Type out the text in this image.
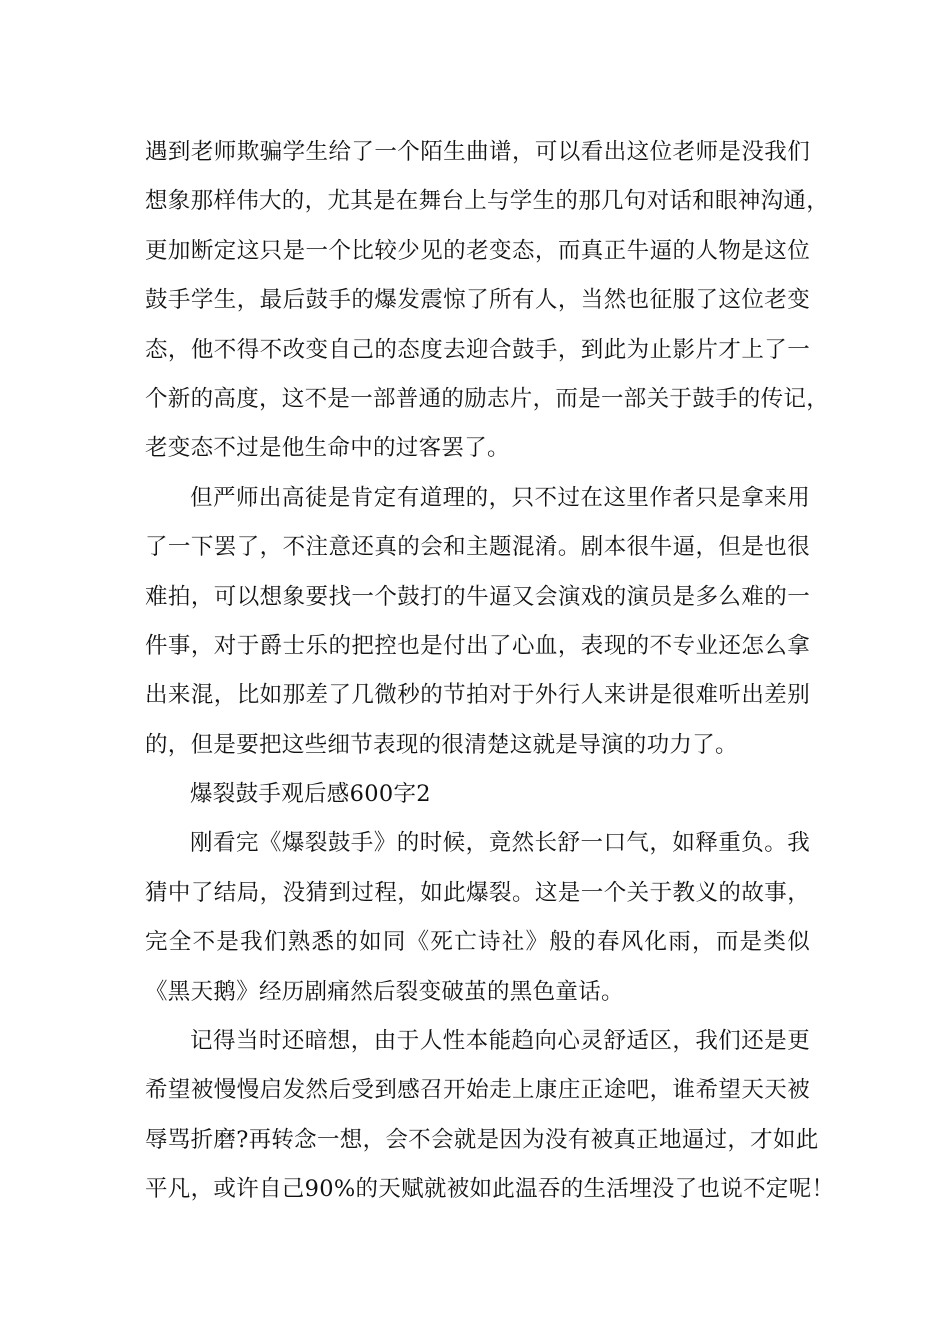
遇到老师欺骗学生给了一个陌生曲谱，可以看出这位老师是没我们
想象那样伟大的，尤其是在舞台上与学生的那几句对话和眼神沟通，
更加断定这只是一个比较少见的老变态，而真正牛逼的人物是这位
鼓手学生，最后鼓手的爆发震惊了所有人，当然也征服了这位老变
态，他不得不改变自己的态度去迎合鼓手，到此为止影片才上了一
个新的高度，这不是一部普通的励志片，而是一部关于鼓手的传记，
老变态不过是他生命中的过客罢了。
但严师出高徒是肯定有道理的，只不过在这里作者只是拿来用
了一下罢了，不注意还真的会和主题混淆。剧本很牛逼，但是也很
难拍，可以想象要找一个鼓打的牛逼又会演戏的演员是多么难的一
件事，对于爵士乐的把控也是付出了心血，表现的不专业还怎么拿
出来混，比如那差了几微秒的节拍对于外行人来讲是很难听出差别
的，但是要把这些细节表现的很清楚这就是导演的功力了。
爆裂鼓手观后感600字2
刚看完《爆裂鼓手》的时候，竟然长舒一口气，如释重负。我
猜中了结局，没猜到过程，如此爆裂。这是一个关于教义的故事，
完全不是我们熟悉的如同《死亡诗社》般的春风化雨，而是类似
《黑天鹅》经历剧痛然后裂变破茧的黑色童话。
记得当时还暗想，由于人性本能趋向心灵舒适区，我们还是更
希望被慢慢启发然后受到感召开始走上康庄正途吧，谁希望天天被
辱骂折磨?再转念一想，会不会就是因为没有被真正地逼过，才如此
平凡，或许自己90%的天赋就被如此温吞的生活埋没了也说不定呢！
